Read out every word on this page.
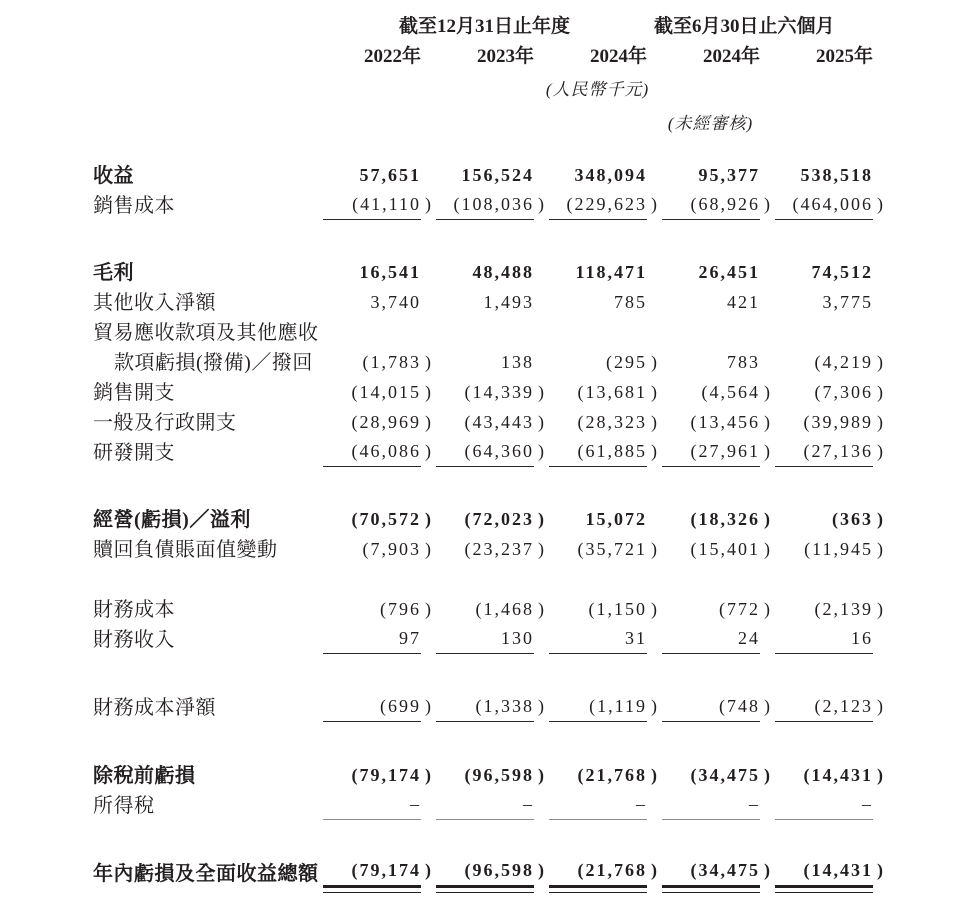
截至12月31日止年度	截至6月30日止六個月
2022年	2023年	2024年	2024年	2025年
(人民幣千元)
(未經審核)
收益	57,651	156,524	348,094	95,377	538,518
銷售成本	(41,110 )	(108,036 )	(229,623 )	(68,926 )	(464,006 )
毛利	16,541	48,488	118,471	26,451	74,512
其他收入淨額	3,740	1,493	785	421	3,775
貿易應收款項及其他應收
款項虧損(撥備)／撥回	(1,783 )	138	(295 )	783	(4,219 )
銷售開支	(14,015 )	(14,339 )	(13,681 )	(4,564 )	(7,306 )
一般及行政開支	(28,969 )	(43,443 )	(28,323 )	(13,456 )	(39,989 )
研發開支	(46,086 )	(64,360 )	(61,885 )	(27,961 )	(27,136 )
經營(虧損)／溢利	(70,572 )	(72,023 )	15,072	(18,326 )	(363 )
贖回負債賬面值變動	(7,903 )	(23,237 )	(35,721 )	(15,401 )	(11,945 )
財務成本	(796 )	(1,468 )	(1,150 )	(772 )	(2,139 )
財務收入	97	130	31	24	16
財務成本淨額	(699 )	(1,338 )	(1,119 )	(748 )	(2,123 )
除稅前虧損	(79,174 )	(96,598 )	(21,768 )	(34,475 )	(14,431 )
所得稅	–	–	–	–	–
年內虧損及全面收益總額	(79,174 )	(96,598 )	(21,768 )	(34,475 )	(14,431 )
